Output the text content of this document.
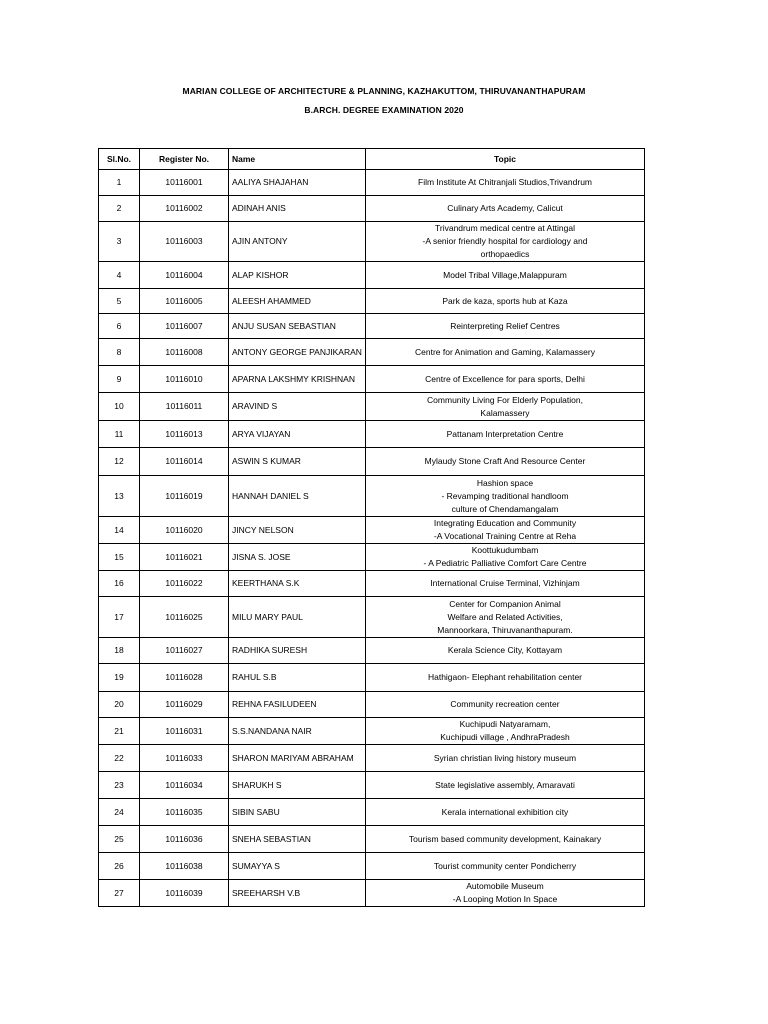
MARIAN COLLEGE OF ARCHITECTURE & PLANNING, KAZHAKUTTOM, THIRUVANANTHAPURAM
B.ARCH. DEGREE EXAMINATION 2020
Sl.No.	Register No.	Name	Topic
1	10116001	AALIYA SHAJAHAN	Film Institute At Chitranjali Studios,Trivandrum
2	10116002	ADINAH ANIS	Culinary Arts Academy, Calicut
3	10116003	AJIN ANTONY	Trivandrum medical centre at Attingal
-A senior friendly hospital for cardiology and
orthopaedics
4	10116004	ALAP KISHOR	Model Tribal Village,Malappuram
5	10116005	ALEESH AHAMMED	Park de kaza, sports hub at Kaza
6	10116007	ANJU SUSAN SEBASTIAN	Reinterpreting Relief Centres
8	10116008	ANTONY GEORGE PANJIKARAN	Centre for Animation and Gaming, Kalamassery
9	10116010	APARNA LAKSHMY KRISHNAN	Centre of Excellence for para sports, Delhi
10	10116011	ARAVIND S	Community Living For Elderly Population,
Kalamassery
11	10116013	ARYA VIJAYAN	Pattanam Interpretation Centre
12	10116014	ASWIN S KUMAR	Mylaudy Stone Craft And Resource Center
13	10116019	HANNAH DANIEL S	Hashion space
- Revamping traditional handloom
culture of Chendamangalam
14	10116020	JINCY NELSON	Integrating Education and Community
-A Vocational Training Centre at Reha
15	10116021	JISNA S. JOSE	Koottukudumbam
- A Pediatric Palliative Comfort Care Centre
16	10116022	KEERTHANA S.K	International Cruise Terminal, Vizhinjam
17	10116025	MILU MARY PAUL	Center for Companion Animal
Welfare and Related Activities,
Mannoorkara, Thiruvananthapuram.
18	10116027	RADHIKA SURESH	Kerala Science City, Kottayam
19	10116028	RAHUL S.B	Hathigaon- Elephant rehabilitation center
20	10116029	REHNA FASILUDEEN	Community recreation center
21	10116031	S.S.NANDANA NAIR	Kuchipudi Natyaramam,
Kuchipudi village , AndhraPradesh
22	10116033	SHARON MARIYAM ABRAHAM	Syrian christian living history museum
23	10116034	SHARUKH S	State legislative assembly, Amaravati
24	10116035	SIBIN SABU	Kerala international exhibition city
25	10116036	SNEHA SEBASTIAN	Tourism based community development, Kainakary
26	10116038	SUMAYYA S	Tourist community center Pondicherry
27	10116039	SREEHARSH V.B	Automobile Museum
-A Looping Motion In Space
